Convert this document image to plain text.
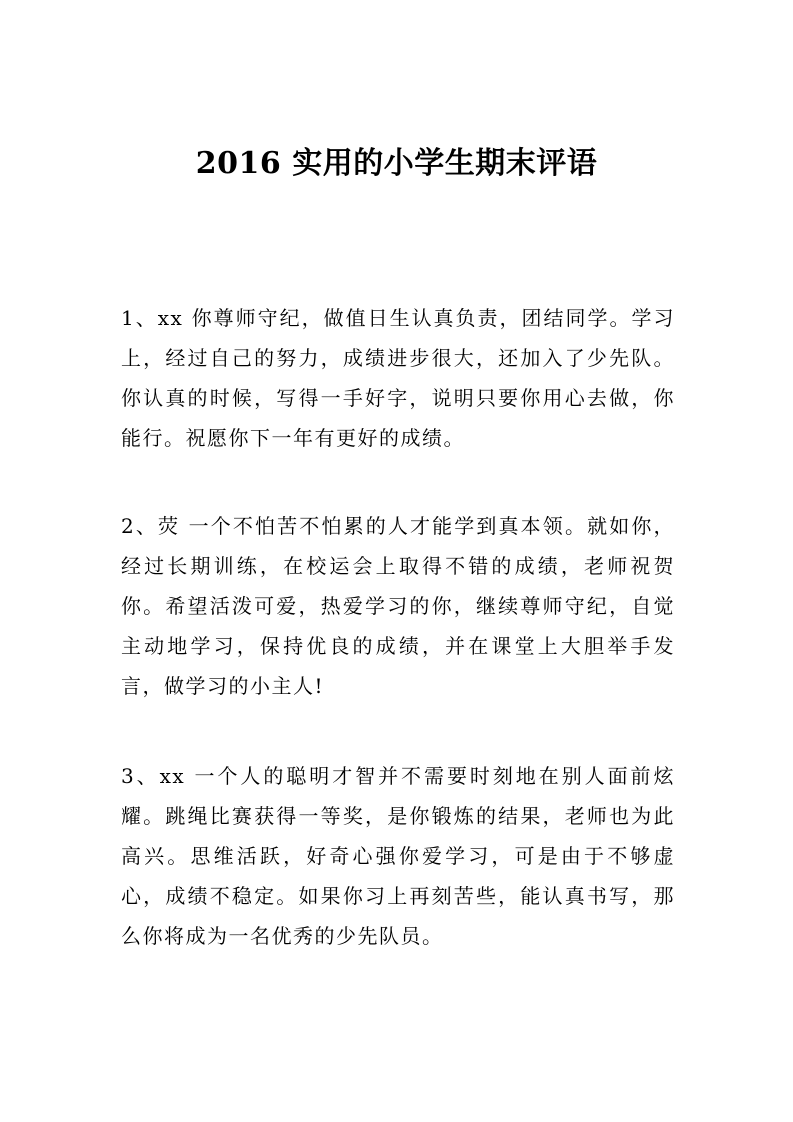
2016 实用的小学生期末评语
1、xx 你尊师守纪，做值日生认真负责，团结同学。学习上，经过自己的努力，成绩进步很大，还加入了少先队。你认真的时候，写得一手好字，说明只要你用心去做，你能行。祝愿你下一年有更好的成绩。
2、荧 一个不怕苦不怕累的人才能学到真本领。就如你，经过长期训练，在校运会上取得不错的成绩，老师祝贺你。希望活泼可爱，热爱学习的你，继续尊师守纪，自觉主动地学习，保持优良的成绩，并在课堂上大胆举手发言，做学习的小主人!
3、xx 一个人的聪明才智并不需要时刻地在别人面前炫耀。跳绳比赛获得一等奖，是你锻炼的结果，老师也为此高兴。思维活跃，好奇心强你爱学习，可是由于不够虚心，成绩不稳定。如果你习上再刻苦些，能认真书写，那么你将成为一名优秀的少先队员。
